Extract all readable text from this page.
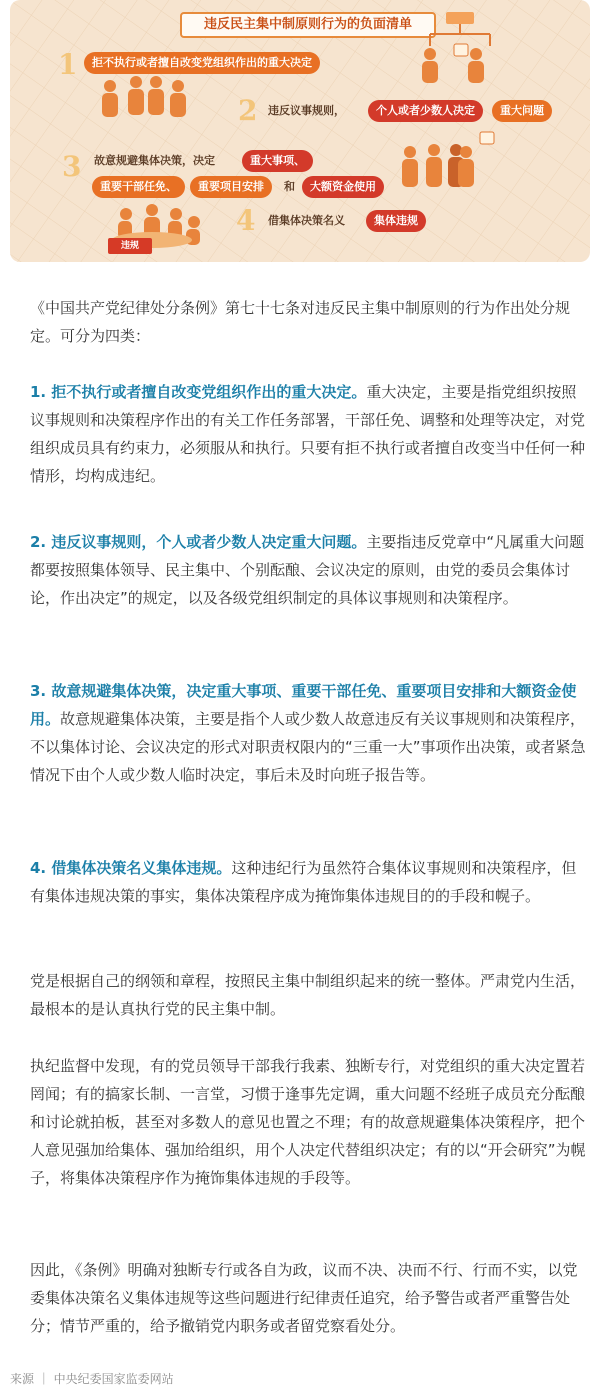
违反民主集中制原则行为的负面清单
1	拒不执行或者擅自改变党组织作出的重大决定
2 违反议事规则，	个人或者少数人决定	重大问题
3 故意规避集体决策，决定	重大事项、
重要干部任免、	重要项目安排	和	大额资金使用
4 借集体决策名义	集体违规
违规

《中国共产党纪律处分条例》第七十七条对违反民主集中制原则的行为作出处分规定。可分为四类：

1. 拒不执行或者擅自改变党组织作出的重大决定。重大决定，主要是指党组织按照议事规则和决策程序作出的有关工作任务部署，干部任免、调整和处理等决定，对党组织成员具有约束力，必须服从和执行。只要有拒不执行或者擅自改变当中任何一种情形，均构成违纪。

2. 违反议事规则，个人或者少数人决定重大问题。主要指违反党章中“凡属重大问题都要按照集体领导、民主集中、个别酝酿、会议决定的原则，由党的委员会集体讨论，作出决定”的规定，以及各级党组织制定的具体议事规则和决策程序。

3. 故意规避集体决策，决定重大事项、重要干部任免、重要项目安排和大额资金使用。故意规避集体决策，主要是指个人或少数人故意违反有关议事规则和决策程序，不以集体讨论、会议决定的形式对职责权限内的“三重一大”事项作出决策，或者紧急情况下由个人或少数人临时决定，事后未及时向班子报告等。

4. 借集体决策名义集体违规。这种违纪行为虽然符合集体议事规则和决策程序，但有集体违规决策的事实，集体决策程序成为掩饰集体违规目的的手段和幌子。

党是根据自己的纲领和章程，按照民主集中制组织起来的统一整体。严肃党内生活，最根本的是认真执行党的民主集中制。

执纪监督中发现，有的党员领导干部我行我素、独断专行，对党组织的重大决定置若罔闻；有的搞家长制、一言堂，习惯于逢事先定调，重大问题不经班子成员充分酝酿和讨论就拍板，甚至对多数人的意见也置之不理；有的故意规避集体决策程序，把个人意见强加给集体、强加给组织，用个人决定代替组织决定；有的以“开会研究”为幌子，将集体决策程序作为掩饰集体违规的手段等。

因此，《条例》明确对独断专行或各自为政，议而不决、决而不行、行而不实，以党委集体决策名义集体违规等这些问题进行纪律责任追究，给予警告或者严重警告处分；情节严重的，给予撤销党内职务或者留党察看处分。

来源 ｜ 中央纪委国家监委网站
